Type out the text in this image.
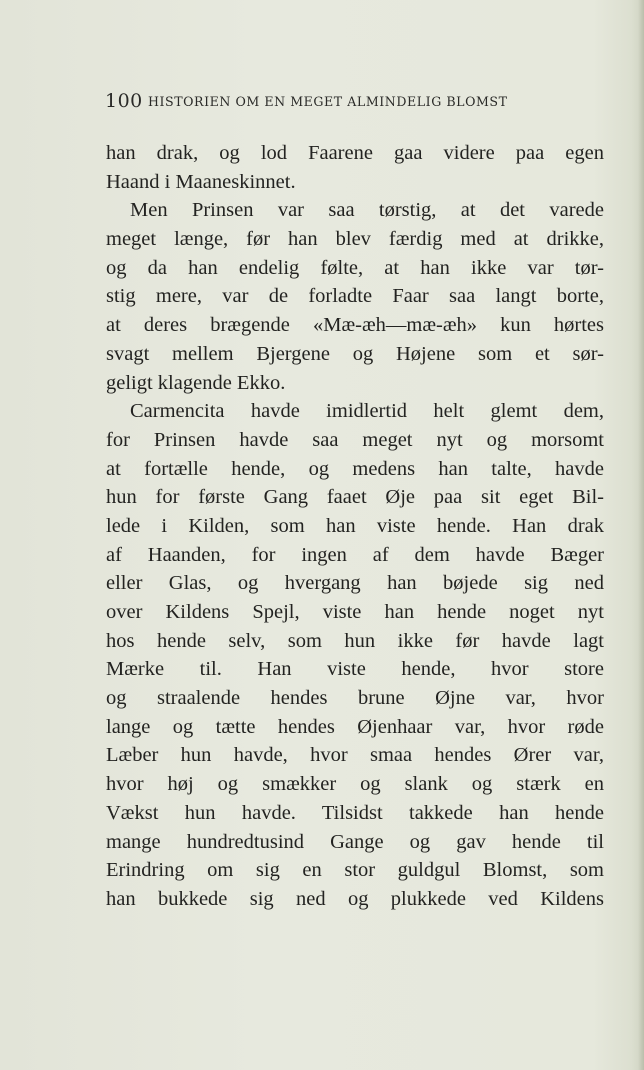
100 HISTORIEN OM EN MEGET ALMINDELIG BLOMST
han drak, og lod Faarene gaa videre paa egen
Haand i Maaneskinnet.
Men Prinsen var saa tørstig, at det varede
meget længe, før han blev færdig med at drikke,
og da han endelig følte, at han ikke var tør-
stig mere, var de forladte Faar saa langt borte,
at deres brægende «Mæ-æh—mæ-æh» kun hørtes
svagt mellem Bjergene og Højene som et sør-
geligt klagende Ekko.
Carmencita havde imidlertid helt glemt dem,
for Prinsen havde saa meget nyt og morsomt
at fortælle hende, og medens han talte, havde
hun for første Gang faaet Øje paa sit eget Bil-
lede i Kilden, som han viste hende. Han drak
af Haanden, for ingen af dem havde Bæger
eller Glas, og hvergang han bøjede sig ned
over Kildens Spejl, viste han hende noget nyt
hos hende selv, som hun ikke før havde lagt
Mærke til. Han viste hende, hvor store
og straalende hendes brune Øjne var, hvor
lange og tætte hendes Øjenhaar var, hvor røde
Læber hun havde, hvor smaa hendes Ører var,
hvor høj og smækker og slank og stærk en
Vækst hun havde. Tilsidst takkede han hende
mange hundredtusind Gange og gav hende til
Erindring om sig en stor guldgul Blomst, som
han bukkede sig ned og plukkede ved Kildens
